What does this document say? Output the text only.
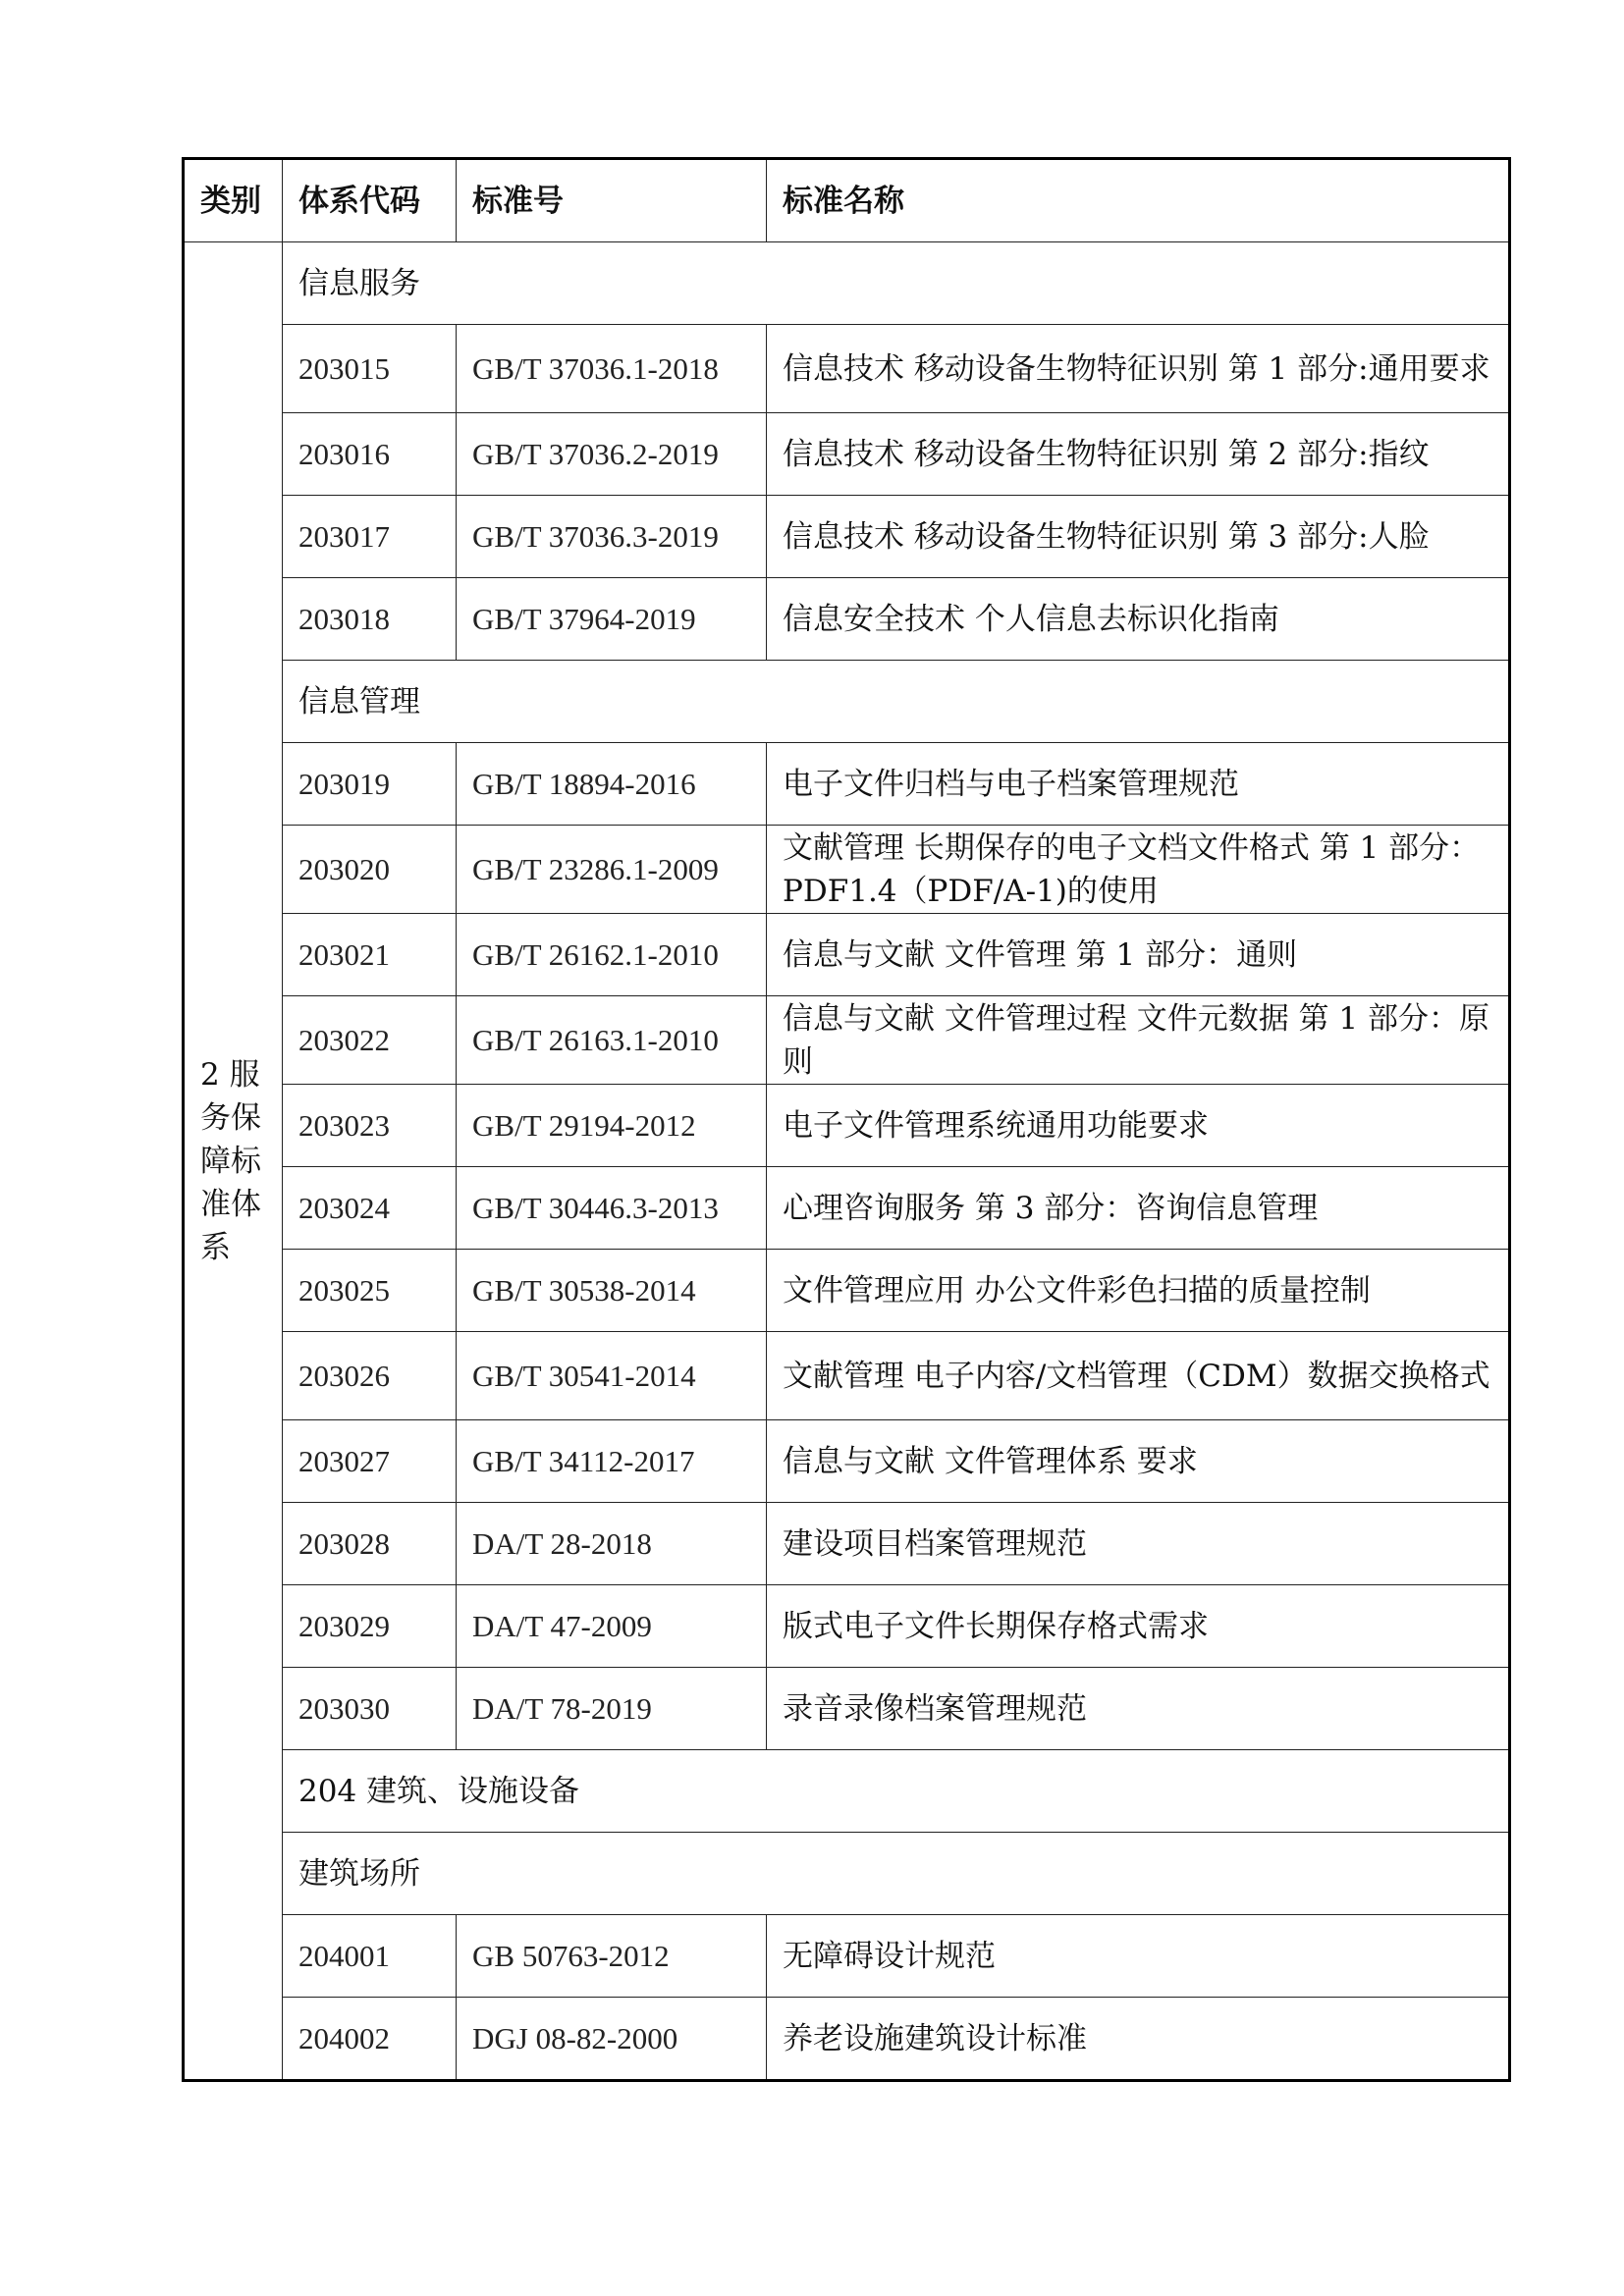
类别	体系代码	标准号	标准名称
2 服务保障标准体系	信息服务		
	203015	GB/T 37036.1-2018	信息技术 移动设备生物特征识别 第 1 部分:通用要求
	203016	GB/T 37036.2-2019	信息技术 移动设备生物特征识别 第 2 部分:指纹
	203017	GB/T 37036.3-2019	信息技术 移动设备生物特征识别 第 3 部分:人脸
	203018	GB/T 37964-2019	信息安全技术 个人信息去标识化指南
	信息管理		
	203019	GB/T 18894-2016	电子文件归档与电子档案管理规范
	203020	GB/T 23286.1-2009	文献管理 长期保存的电子文档文件格式 第 1 部分：PDF1.4（PDF/A-1)的使用
	203021	GB/T 26162.1-2010	信息与文献 文件管理 第 1 部分：通则
	203022	GB/T 26163.1-2010	信息与文献 文件管理过程 文件元数据 第 1 部分：原则
	203023	GB/T 29194-2012	电子文件管理系统通用功能要求
	203024	GB/T 30446.3-2013	心理咨询服务 第 3 部分：咨询信息管理
	203025	GB/T 30538-2014	文件管理应用 办公文件彩色扫描的质量控制
	203026	GB/T 30541-2014	文献管理 电子内容/文档管理（CDM）数据交换格式
	203027	GB/T 34112-2017	信息与文献 文件管理体系 要求
	203028	DA/T 28-2018	建设项目档案管理规范
	203029	DA/T 47-2009	版式电子文件长期保存格式需求
	203030	DA/T 78-2019	录音录像档案管理规范
	204 建筑、设施设备		
	建筑场所		
	204001	GB 50763-2012	无障碍设计规范
	204002	DGJ 08-82-2000	养老设施建筑设计标准
